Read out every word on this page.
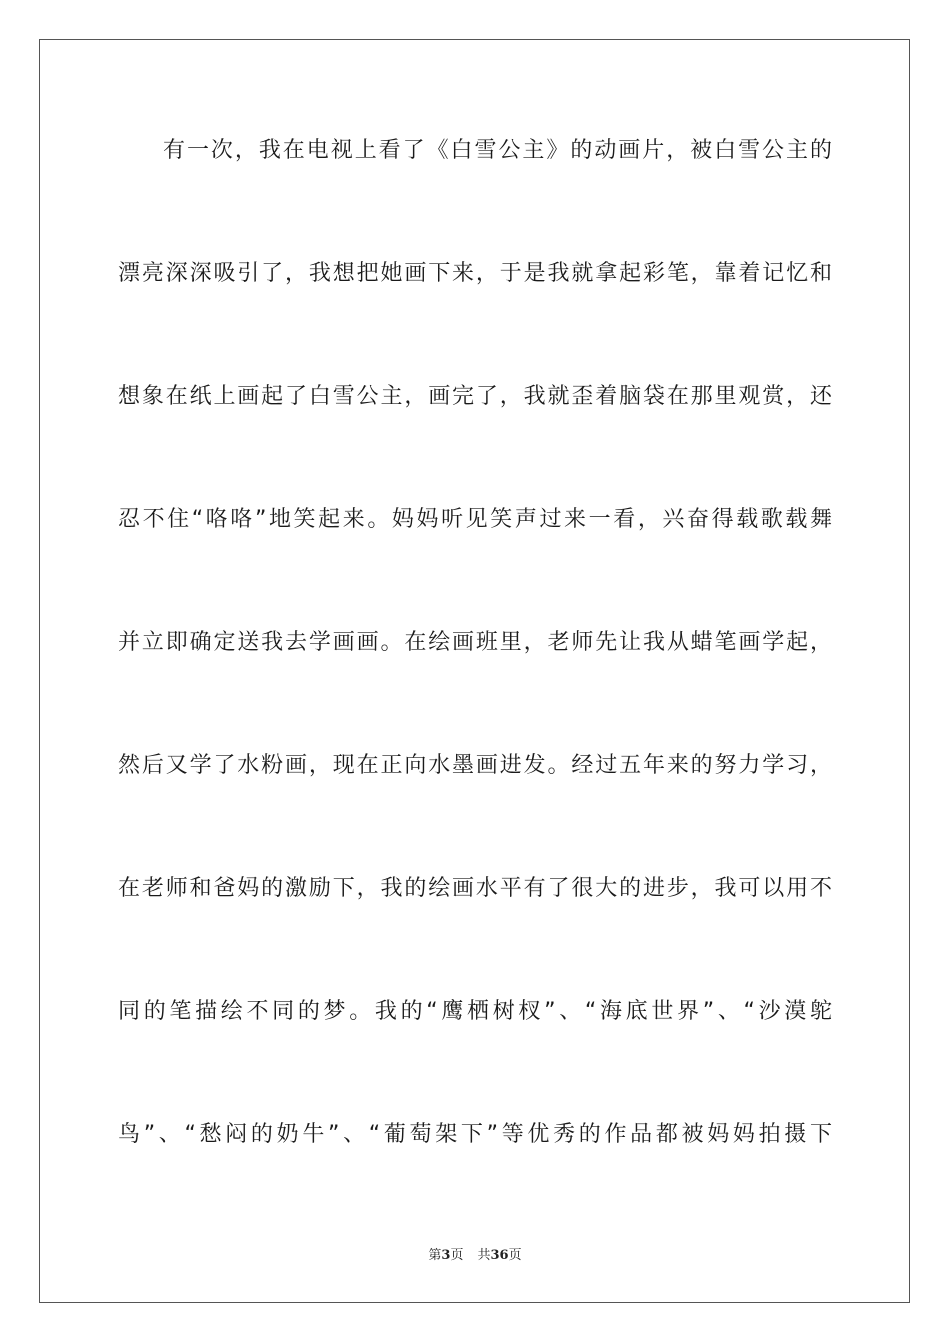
有一次，我在电视上看了《白雪公主》的动画片，被白雪公主的
漂亮深深吸引了，我想把她画下来，于是我就拿起彩笔，靠着记忆和
想象在纸上画起了白雪公主，画完了，我就歪着脑袋在那里观赏，还
忍不住“咯咯”地笑起来。妈妈听见笑声过来一看，兴奋得载歌载舞
并立即确定送我去学画画。在绘画班里，老师先让我从蜡笔画学起，
然后又学了水粉画，现在正向水墨画进发。经过五年来的努力学习，
在老师和爸妈的激励下，我的绘画水平有了很大的进步，我可以用不
同的笔描绘不同的梦。我的“鹰栖树杈”、“海底世界”、“沙漠鸵
鸟”、“愁闷的奶牛”、“葡萄架下”等优秀的作品都被妈妈拍摄下
第3页 共36页
